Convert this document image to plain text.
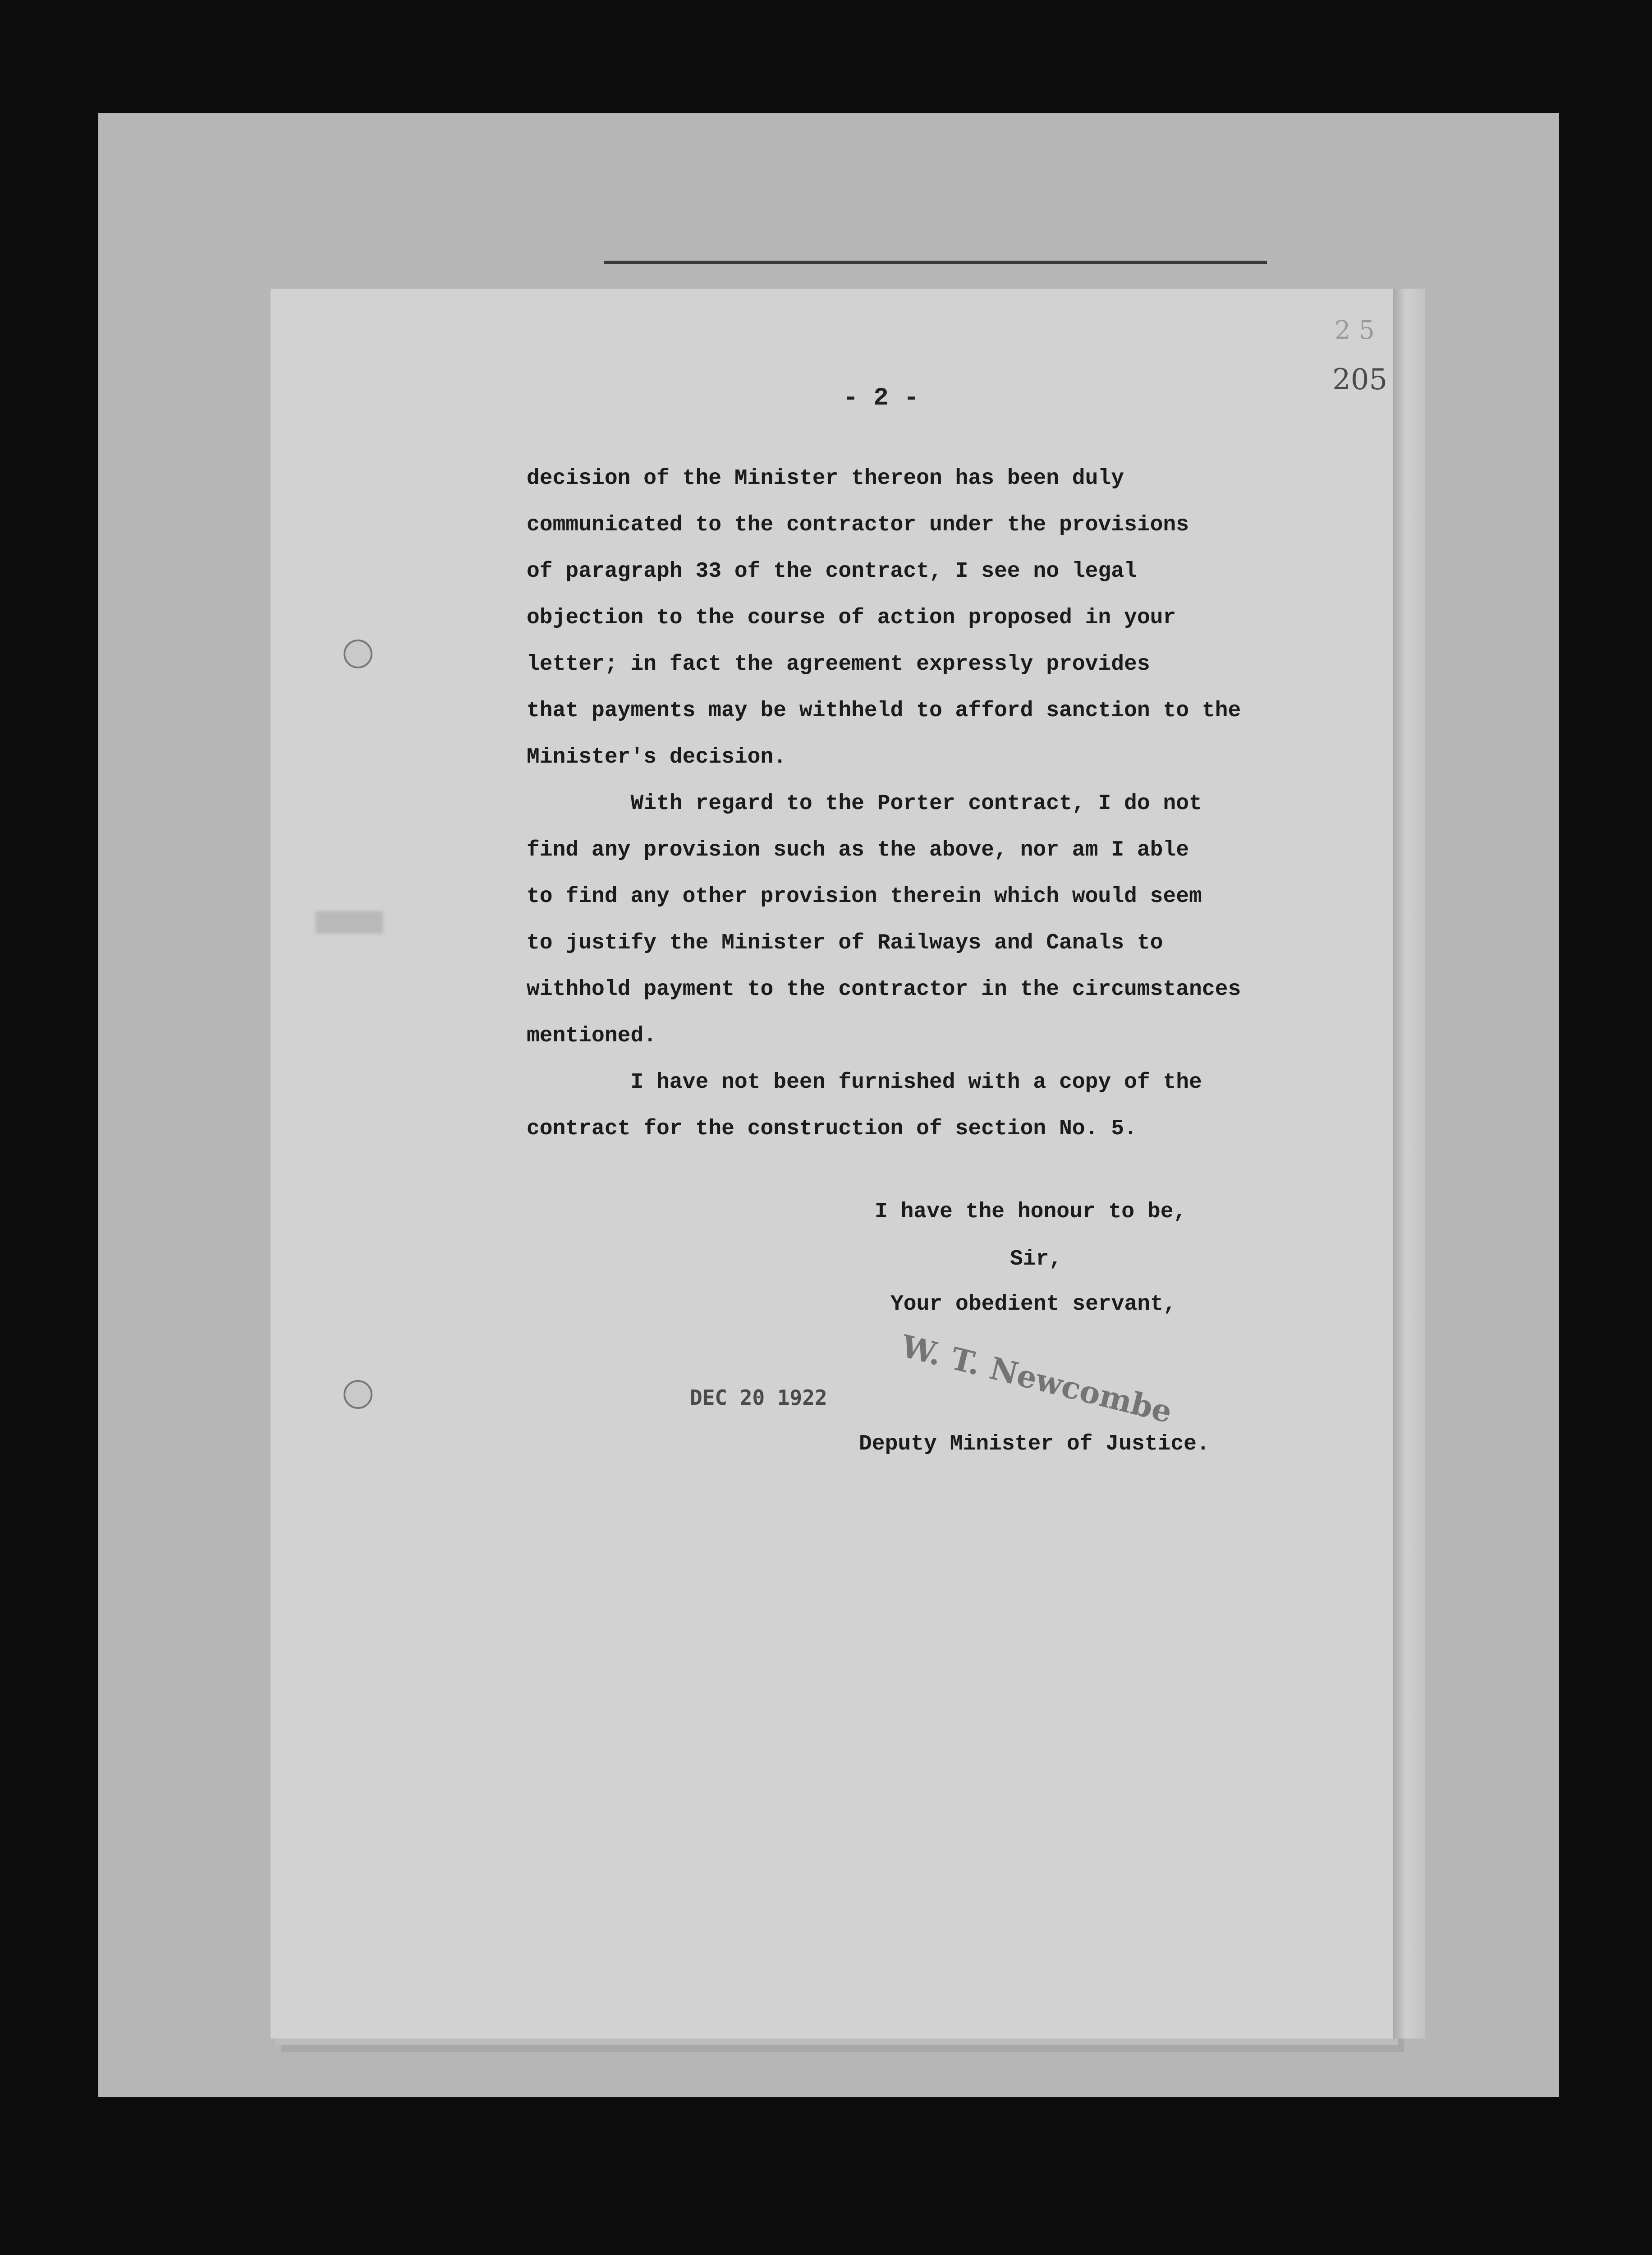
2 5
205
- 2 -
decision of the Minister thereon has been duly
communicated to the contractor under the provisions
of paragraph 33 of the contract, I see no legal
objection to the course of action proposed in your
letter; in fact the agreement expressly provides
that payments may be withheld to afford sanction to the
Minister's decision.
With regard to the Porter contract, I do not
find any provision such as the above, nor am I able
to find any other provision therein which would seem
to justify the Minister of Railways and Canals to
withhold payment to the contractor in the circumstances
mentioned.
I have not been furnished with a copy of the
contract for the construction of section No. 5.
I have the honour to be,
Sir,
Your obedient servant,
W. T. Newcombe
DEC 20 1922
Deputy Minister of Justice.
